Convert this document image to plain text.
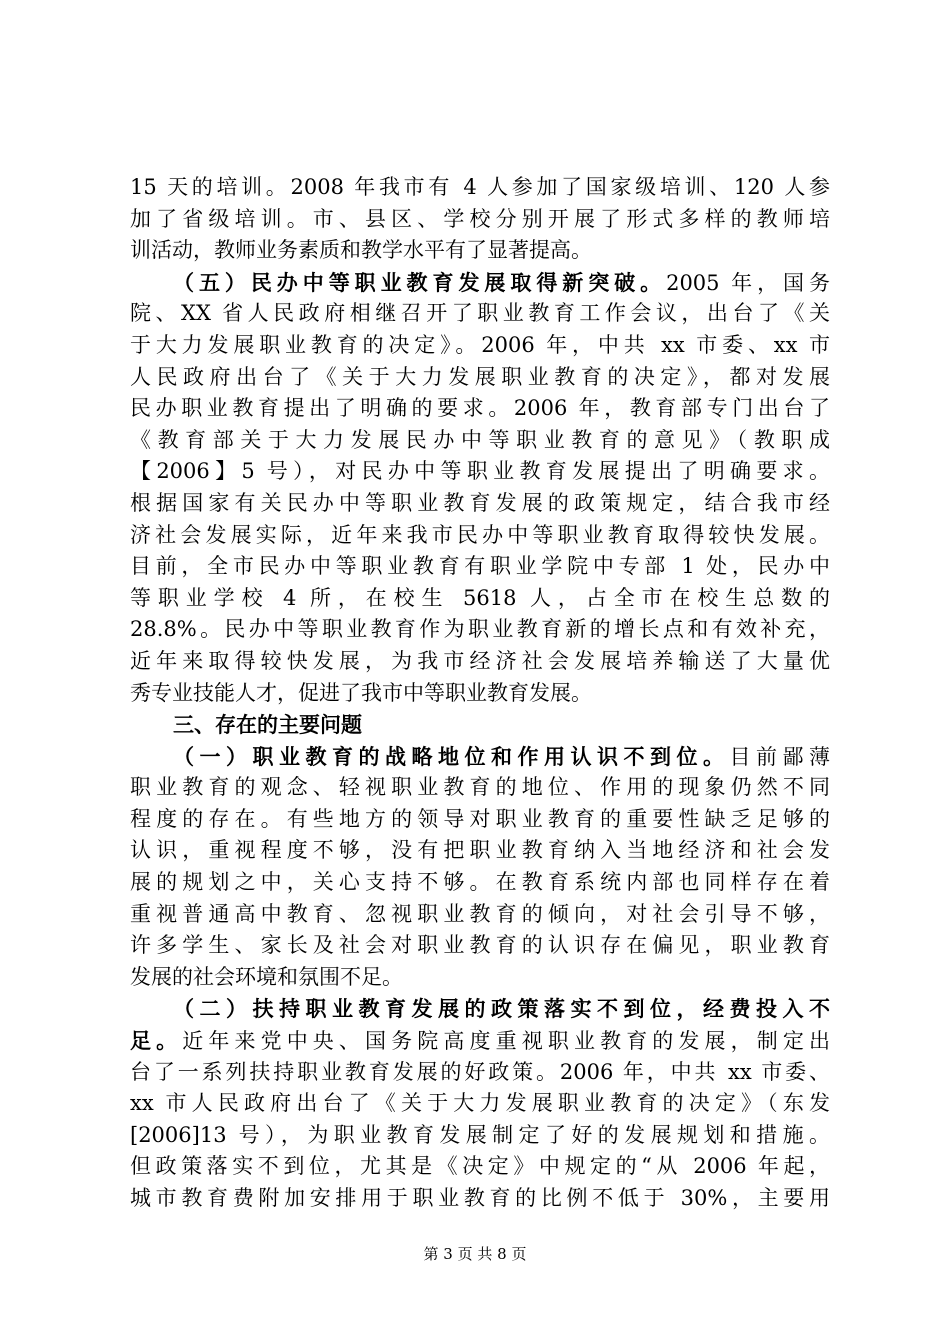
15 天的培训。2008 年我市有 4 人参加了国家级培训、120 人参
加了省级培训。市、县区、学校分别开展了形式多样的教师培
训活动，教师业务素质和教学水平有了显著提高。
（五）民办中等职业教育发展取得新突破。2005 年，国务
院、XX 省人民政府相继召开了职业教育工作会议，出台了《关
于大力发展职业教育的决定》。2006 年，中共 xx 市委、xx 市
人民政府出台了《关于大力发展职业教育的决定》，都对发展
民办职业教育提出了明确的要求。2006 年，教育部专门出台了
《教育部关于大力发展民办中等职业教育的意见》（教职成
【2006】5 号），对民办中等职业教育发展提出了明确要求。
根据国家有关民办中等职业教育发展的政策规定，结合我市经
济社会发展实际，近年来我市民办中等职业教育取得较快发展。
目前，全市民办中等职业教育有职业学院中专部 1 处，民办中
等职业学校 4 所，在校生 5618 人，占全市在校生总数的
28.8%。民办中等职业教育作为职业教育新的增长点和有效补充，
近年来取得较快发展，为我市经济社会发展培养输送了大量优
秀专业技能人才，促进了我市中等职业教育发展。
三、存在的主要问题
（一）职业教育的战略地位和作用认识不到位。目前鄙薄
职业教育的观念、轻视职业教育的地位、作用的现象仍然不同
程度的存在。有些地方的领导对职业教育的重要性缺乏足够的
认识，重视程度不够，没有把职业教育纳入当地经济和社会发
展的规划之中，关心支持不够。在教育系统内部也同样存在着
重视普通高中教育、忽视职业教育的倾向，对社会引导不够，
许多学生、家长及社会对职业教育的认识存在偏见，职业教育
发展的社会环境和氛围不足。
（二）扶持职业教育发展的政策落实不到位，经费投入不
足。近年来党中央、国务院高度重视职业教育的发展，制定出
台了一系列扶持职业教育发展的好政策。2006 年，中共 xx 市委、
xx 市人民政府出台了《关于大力发展职业教育的决定》（东发
[2006]13 号），为职业教育发展制定了好的发展规划和措施。
但政策落实不到位，尤其是《决定》中规定的“从 2006 年起，
城市教育费附加安排用于职业教育的比例不低于 30%，主要用
第 3 页 共 8 页
